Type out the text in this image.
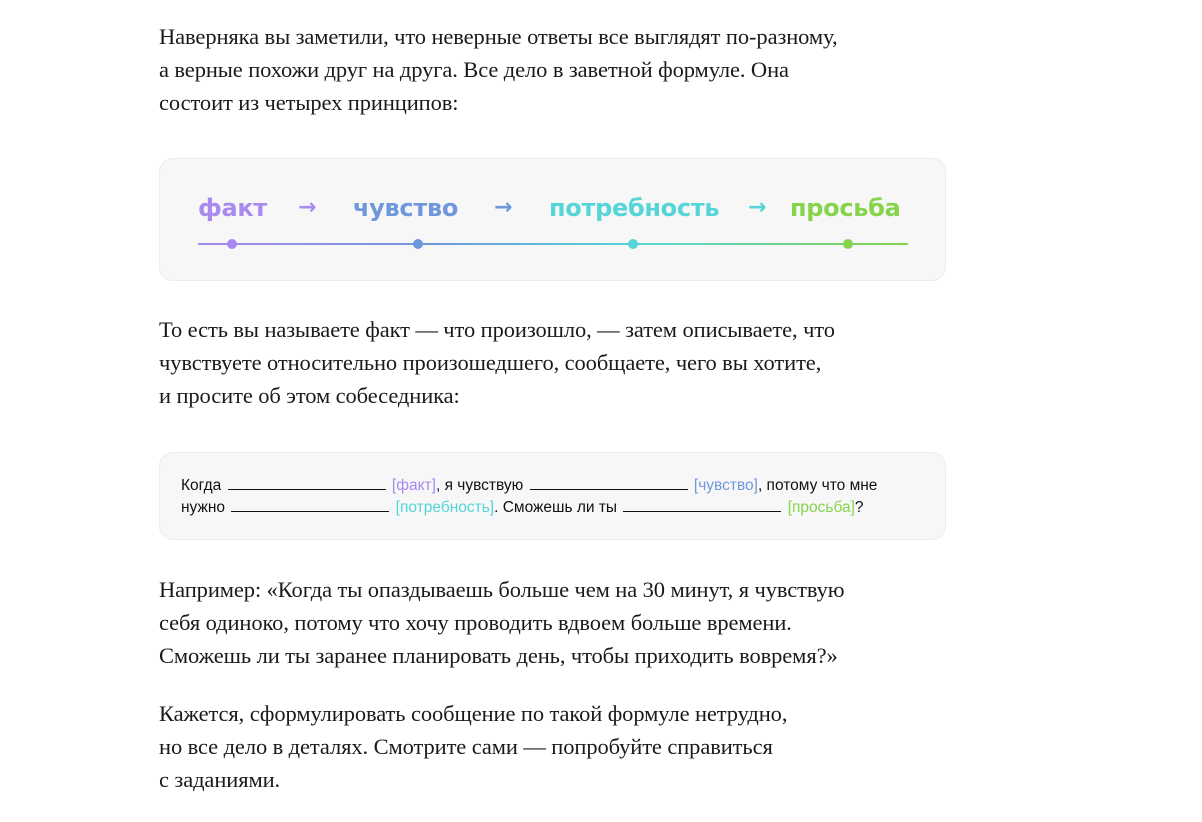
Наверняка вы заметили, что неверные ответы все выглядят по-разному,
а верные похожи друг на друга. Все дело в заветной формуле. Она
состоит из четырех принципов:
факт → чувство → потребность → просьба
То есть вы называете факт — что произошло, — затем описываете, что
чувствуете относительно произошедшего, сообщаете, чего вы хотите,
и просите об этом собеседника:
Когда	[факт], я чувствую	[чувство], потому что мне
нужно	[потребность]. Сможешь ли ты	[просьба]?
Например: «Когда ты опаздываешь больше чем на 30 минут, я чувствую
себя одиноко, потому что хочу проводить вдвоем больше времени.
Сможешь ли ты заранее планировать день, чтобы приходить вовремя?»
Кажется, сформулировать сообщение по такой формуле нетрудно,
но все дело в деталях. Смотрите сами — попробуйте справиться
с заданиями.
